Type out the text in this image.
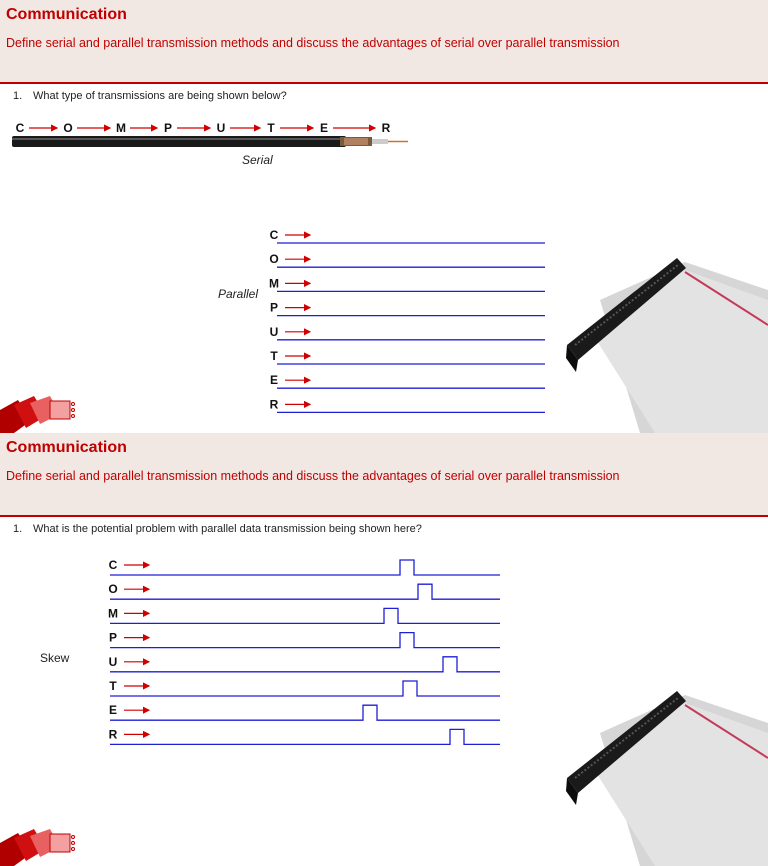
Communication
Define serial and parallel transmission methods and discuss the advantages of serial over parallel transmission
1. What type of transmissions are being shown below?
C	O	M	P	U	T	E	R
Serial
C
O
M
P
U
T
E
R
Parallel
Communication
Define serial and parallel transmission methods and discuss the advantages of serial over parallel transmission
1. What is the potential problem with parallel data transmission being shown here?
Skew
C
O
M
P
U
T
E
R
